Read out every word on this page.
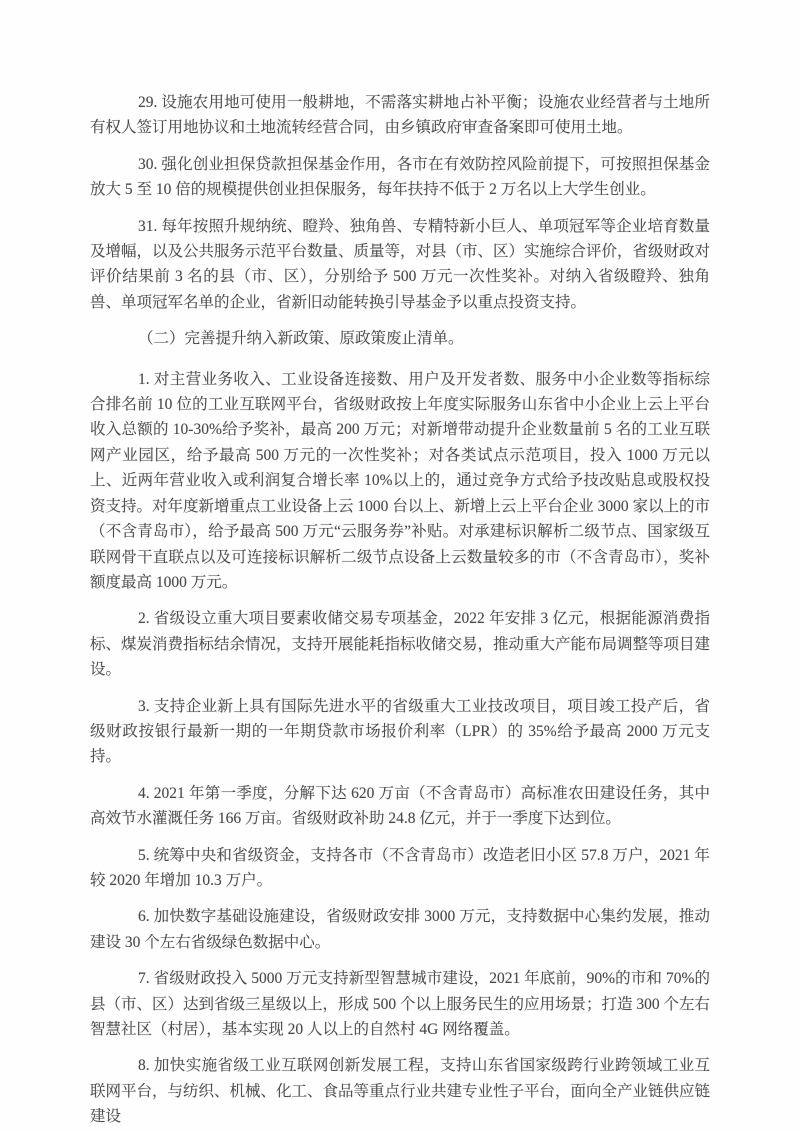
29. 设施农用地可使用一般耕地，不需落实耕地占补平衡；设施农业经营者与土地所有权人签订用地协议和土地流转经营合同，由乡镇政府审查备案即可使用土地。

30. 强化创业担保贷款担保基金作用，各市在有效防控风险前提下，可按照担保基金放大 5 至 10 倍的规模提供创业担保服务，每年扶持不低于 2 万名以上大学生创业。

31. 每年按照升规纳统、瞪羚、独角兽、专精特新小巨人、单项冠军等企业培育数量及增幅，以及公共服务示范平台数量、质量等，对县（市、区）实施综合评价，省级财政对评价结果前 3 名的县（市、区），分别给予 500 万元一次性奖补。对纳入省级瞪羚、独角兽、单项冠军名单的企业，省新旧动能转换引导基金予以重点投资支持。

（二）完善提升纳入新政策、原政策废止清单。

1. 对主营业务收入、工业设备连接数、用户及开发者数、服务中小企业数等指标综合排名前 10 位的工业互联网平台，省级财政按上年度实际服务山东省中小企业上云上平台收入总额的 10-30%给予奖补，最高 200 万元；对新增带动提升企业数量前 5 名的工业互联网产业园区，给予最高 500 万元的一次性奖补；对各类试点示范项目，投入 1000 万元以上、近两年营业收入或利润复合增长率 10%以上的，通过竞争方式给予技改贴息或股权投资支持。对年度新增重点工业设备上云 1000 台以上、新增上云上平台企业 3000 家以上的市（不含青岛市），给予最高 500 万元“云服务券”补贴。对承建标识解析二级节点、国家级互联网骨干直联点以及可连接标识解析二级节点设备上云数量较多的市（不含青岛市），奖补额度最高 1000 万元。

2. 省级设立重大项目要素收储交易专项基金，2022 年安排 3 亿元，根据能源消费指标、煤炭消费指标结余情况，支持开展能耗指标收储交易，推动重大产能布局调整等项目建设。

3. 支持企业新上具有国际先进水平的省级重大工业技改项目，项目竣工投产后，省级财政按银行最新一期的一年期贷款市场报价利率（LPR）的 35%给予最高 2000 万元支持。

4. 2021 年第一季度，分解下达 620 万亩（不含青岛市）高标准农田建设任务，其中高效节水灌溉任务 166 万亩。省级财政补助 24.8 亿元，并于一季度下达到位。

5. 统筹中央和省级资金，支持各市（不含青岛市）改造老旧小区 57.8 万户，2021 年较 2020 年增加 10.3 万户。

6. 加快数字基础设施建设，省级财政安排 3000 万元，支持数据中心集约发展，推动建设 30 个左右省级绿色数据中心。

7. 省级财政投入 5000 万元支持新型智慧城市建设，2021 年底前，90%的市和 70%的县（市、区）达到省级三星级以上，形成 500 个以上服务民生的应用场景；打造 300 个左右智慧社区（村居），基本实现 20 人以上的自然村 4G 网络覆盖。

8. 加快实施省级工业互联网创新发展工程，支持山东省国家级跨行业跨领域工业互联网平台，与纺织、机械、化工、食品等重点行业共建专业性子平台，面向全产业链供应链建设
